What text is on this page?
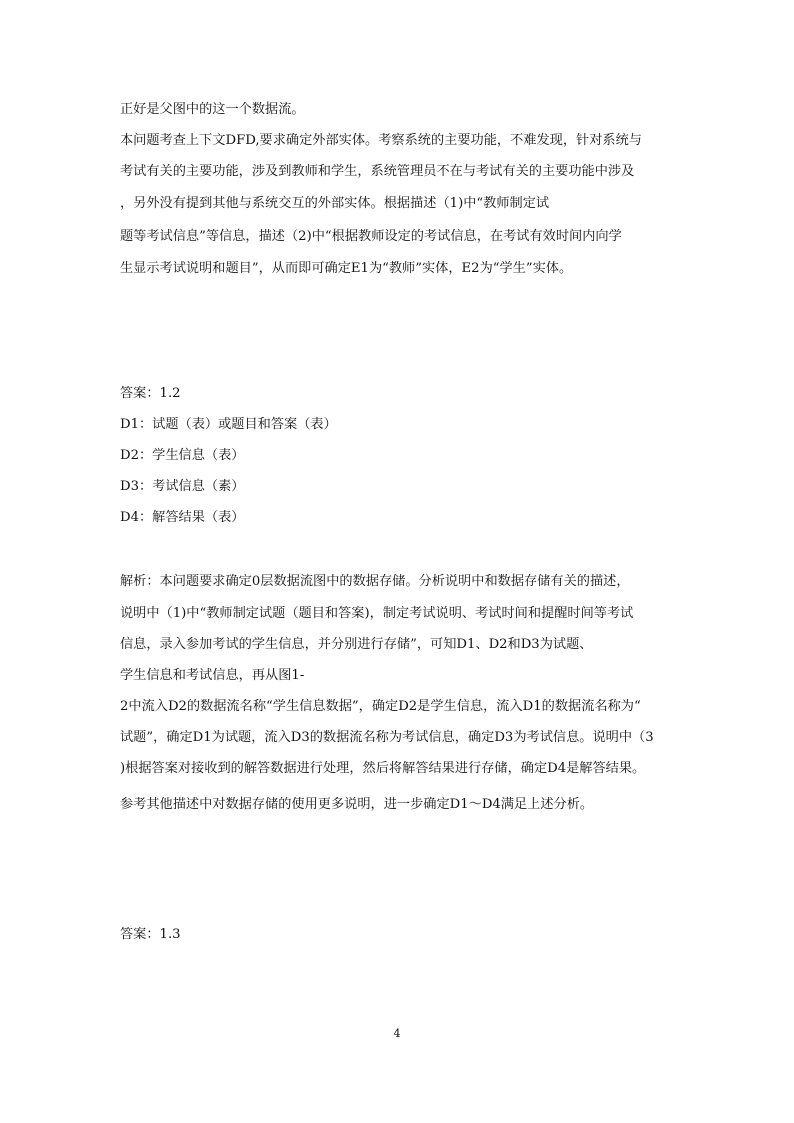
正好是父图中的这一个数据流。
本问题考查上下文DFD,要求确定外部实体。考察系统的主要功能，不难发现，针对系统与
考试有关的主要功能，涉及到教师和学生，系统管理员不在与考试有关的主要功能中涉及
，另外没有提到其他与系统交互的外部实体。根据描述（1)中“教师制定试
题等考试信息”等信息，描述（2)中“根据教师设定的考试信息，在考试有效时间内向学
生显示考试说明和题目”，从而即可确定E1为“教师”实体，E2为“学生”实体。
答案：1.2
D1：试题（表）或题目和答案（表）
D2：学生信息（表）
D3：考试信息（素）
D4：解答结果（表）
解析：本问题要求确定0层数据流图中的数据存储。分析说明中和数据存储有关的描述，
说明中（1)中“教师制定试题（题目和答案)，制定考试说明、考试时间和提醒时间等考试
信息，录入参加考试的学生信息，并分别进行存储”，可知D1、D2和D3为试题、
学生信息和考试信息，再从图1-
2中流入D2的数据流名称“学生信息数据”，确定D2是学生信息，流入D1的数据流名称为“
试题”，确定D1为试题，流入D3的数据流名称为考试信息，确定D3为考试信息。说明中（3
)根据答案对接收到的解答数据进行处理，然后将解答结果进行存储，确定D4是解答结果。
参考其他描述中对数据存储的使用更多说明，进一步确定D1〜D4满足上述分析。
答案：1.3
4
